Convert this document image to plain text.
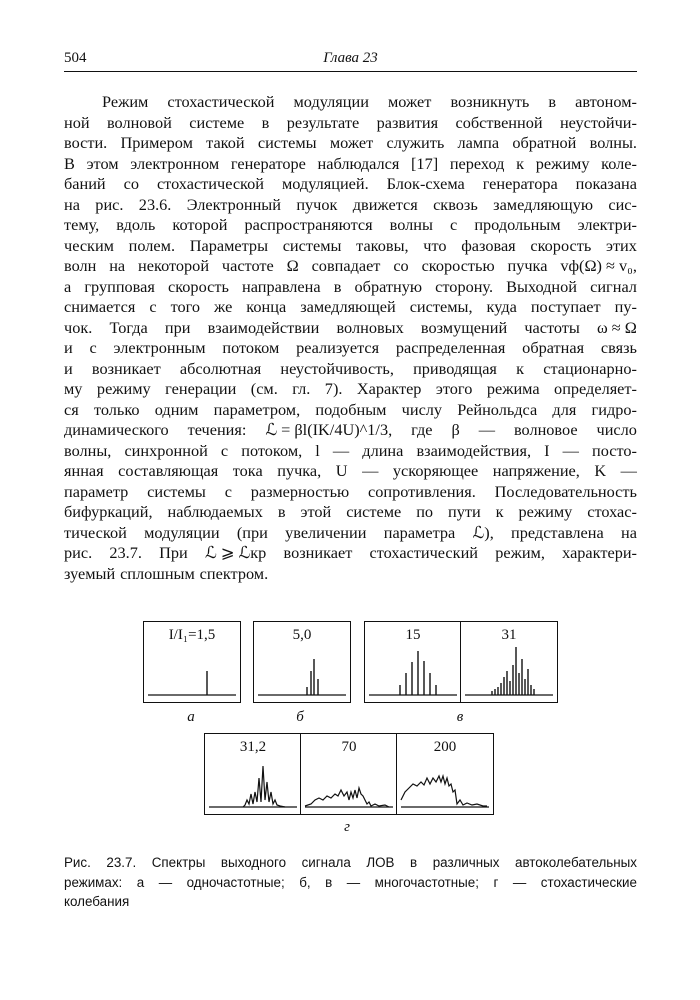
504	Глава 23
Режим стохастической модуляции может возникнуть в автоном-
ной волновой системе в результате развития собственной неустойчи-
вости. Примером такой системы может служить лампа обратной волны.
В этом электронном генераторе наблюдался [17] переход к режиму коле-
баний со стохастической модуляцией. Блок-схема генератора показана
на рис. 23.6. Электронный пучок движется сквозь замедляющую сис-
тему, вдоль которой распространяются волны с продольным электри-
ческим полем. Параметры системы таковы, что фазовая скорость этих
волн на некоторой частоте Ω совпадает со скоростью пучка vф(Ω) ≈ v₀,
а групповая скорость направлена в обратную сторону. Выходной сигнал
снимается с того же конца замедляющей системы, куда поступает пу-
чок. Тогда при взаимодействии волновых возмущений частоты ω ≈ Ω
и с электронным потоком реализуется распределенная обратная связь
и возникает абсолютная неустойчивость, приводящая к стационарно-
му режиму генерации (см. гл. 7). Характер этого режима определяет-
ся только одним параметром, подобным числу Рейнольдса для гидро-
динамического течения: ℒ = βl(IK/4U)^1/3, где β — волновое число
волны, синхронной с потоком, l — длина взаимодействия, I — посто-
янная составляющая тока пучка, U — ускоряющее напряжение, K —
параметр системы с размерностью сопротивления. Последовательность
бифуркаций, наблюдаемых в этой системе по пути к режиму стохас-
тической модуляции (при увеличении параметра ℒ), представлена на
рис. 23.7. При ℒ ⩾ ℒкр возникает стохастический режим, характери-
зуемый сплошным спектром.
I/I₁=1,5	5,0	15	31
31,2	70	200
а	б	в
г
Рис. 23.7. Спектры выходного сигнала ЛОВ в различных автоколебательных
режимах: а — одночастотные; б, в — многочастотные; г — стохастические
колебания
